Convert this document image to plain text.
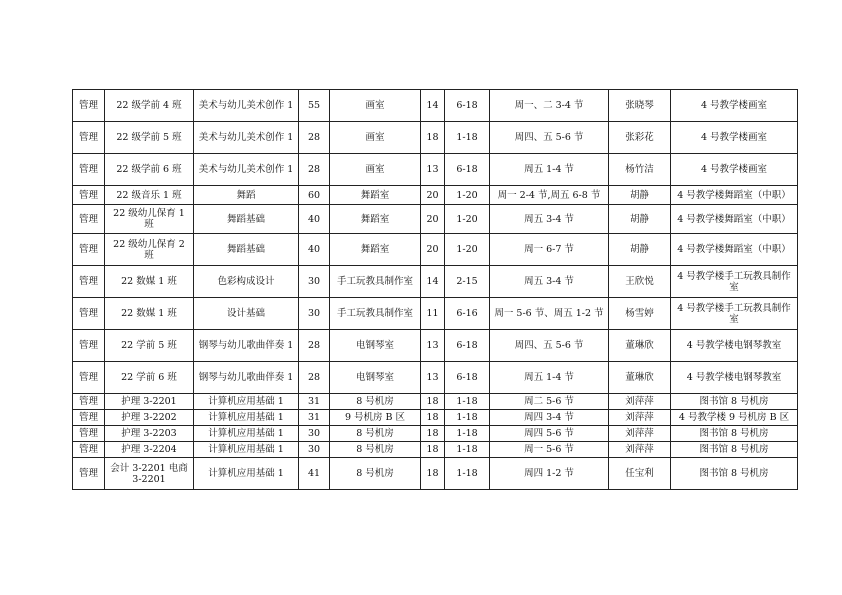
管理	22 级学前 4 班	美术与幼儿美术创作 1	55	画室	14	6-18	周一、二 3-4 节	张晓琴	4 号教学楼画室
管理	22 级学前 5 班	美术与幼儿美术创作 1	28	画室	18	1-18	周四、五 5-6 节	张彩花	4 号教学楼画室
管理	22 级学前 6 班	美术与幼儿美术创作 1	28	画室	13	6-18	周五 1-4 节	杨竹洁	4 号教学楼画室
管理	22 级音乐 1 班	舞蹈	60	舞蹈室	20	1-20	周一 2-4 节,周五 6-8 节	胡静	4 号教学楼舞蹈室（中职）
管理	22 级幼儿保育 1 班	舞蹈基础	40	舞蹈室	20	1-20	周五 3-4 节	胡静	4 号教学楼舞蹈室（中职）
管理	22 级幼儿保育 2 班	舞蹈基础	40	舞蹈室	20	1-20	周一 6-7 节	胡静	4 号教学楼舞蹈室（中职）
管理	22 数媒 1 班	色彩构成设计	30	手工玩教具制作室	14	2-15	周五 3-4 节	王欣悦	4 号教学楼手工玩教具制作室
管理	22 数媒 1 班	设计基础	30	手工玩教具制作室	11	6-16	周一 5-6 节、周五 1-2 节	杨雪婷	4 号教学楼手工玩教具制作室
管理	22 学前 5 班	钢琴与幼儿歌曲伴奏 1	28	电钢琴室	13	6-18	周四、五 5-6 节	董琳欣	4 号教学楼电钢琴教室
管理	22 学前 6 班	钢琴与幼儿歌曲伴奏 1	28	电钢琴室	13	6-18	周五 1-4 节	董琳欣	4 号教学楼电钢琴教室
管理	护理 3-2201	计算机应用基础 1	31	8 号机房	18	1-18	周二 5-6 节	刘萍萍	图书馆 8 号机房
管理	护理 3-2202	计算机应用基础 1	31	9 号机房 B 区	18	1-18	周四 3-4 节	刘萍萍	4 号教学楼 9 号机房 B 区
管理	护理 3-2203	计算机应用基础 1	30	8 号机房	18	1-18	周四 5-6 节	刘萍萍	图书馆 8 号机房
管理	护理 3-2204	计算机应用基础 1	30	8 号机房	18	1-18	周一 5-6 节	刘萍萍	图书馆 8 号机房
管理	会计 3-2201 电商 3-2201	计算机应用基础 1	41	8 号机房	18	1-18	周四 1-2 节	任宝利	图书馆 8 号机房
